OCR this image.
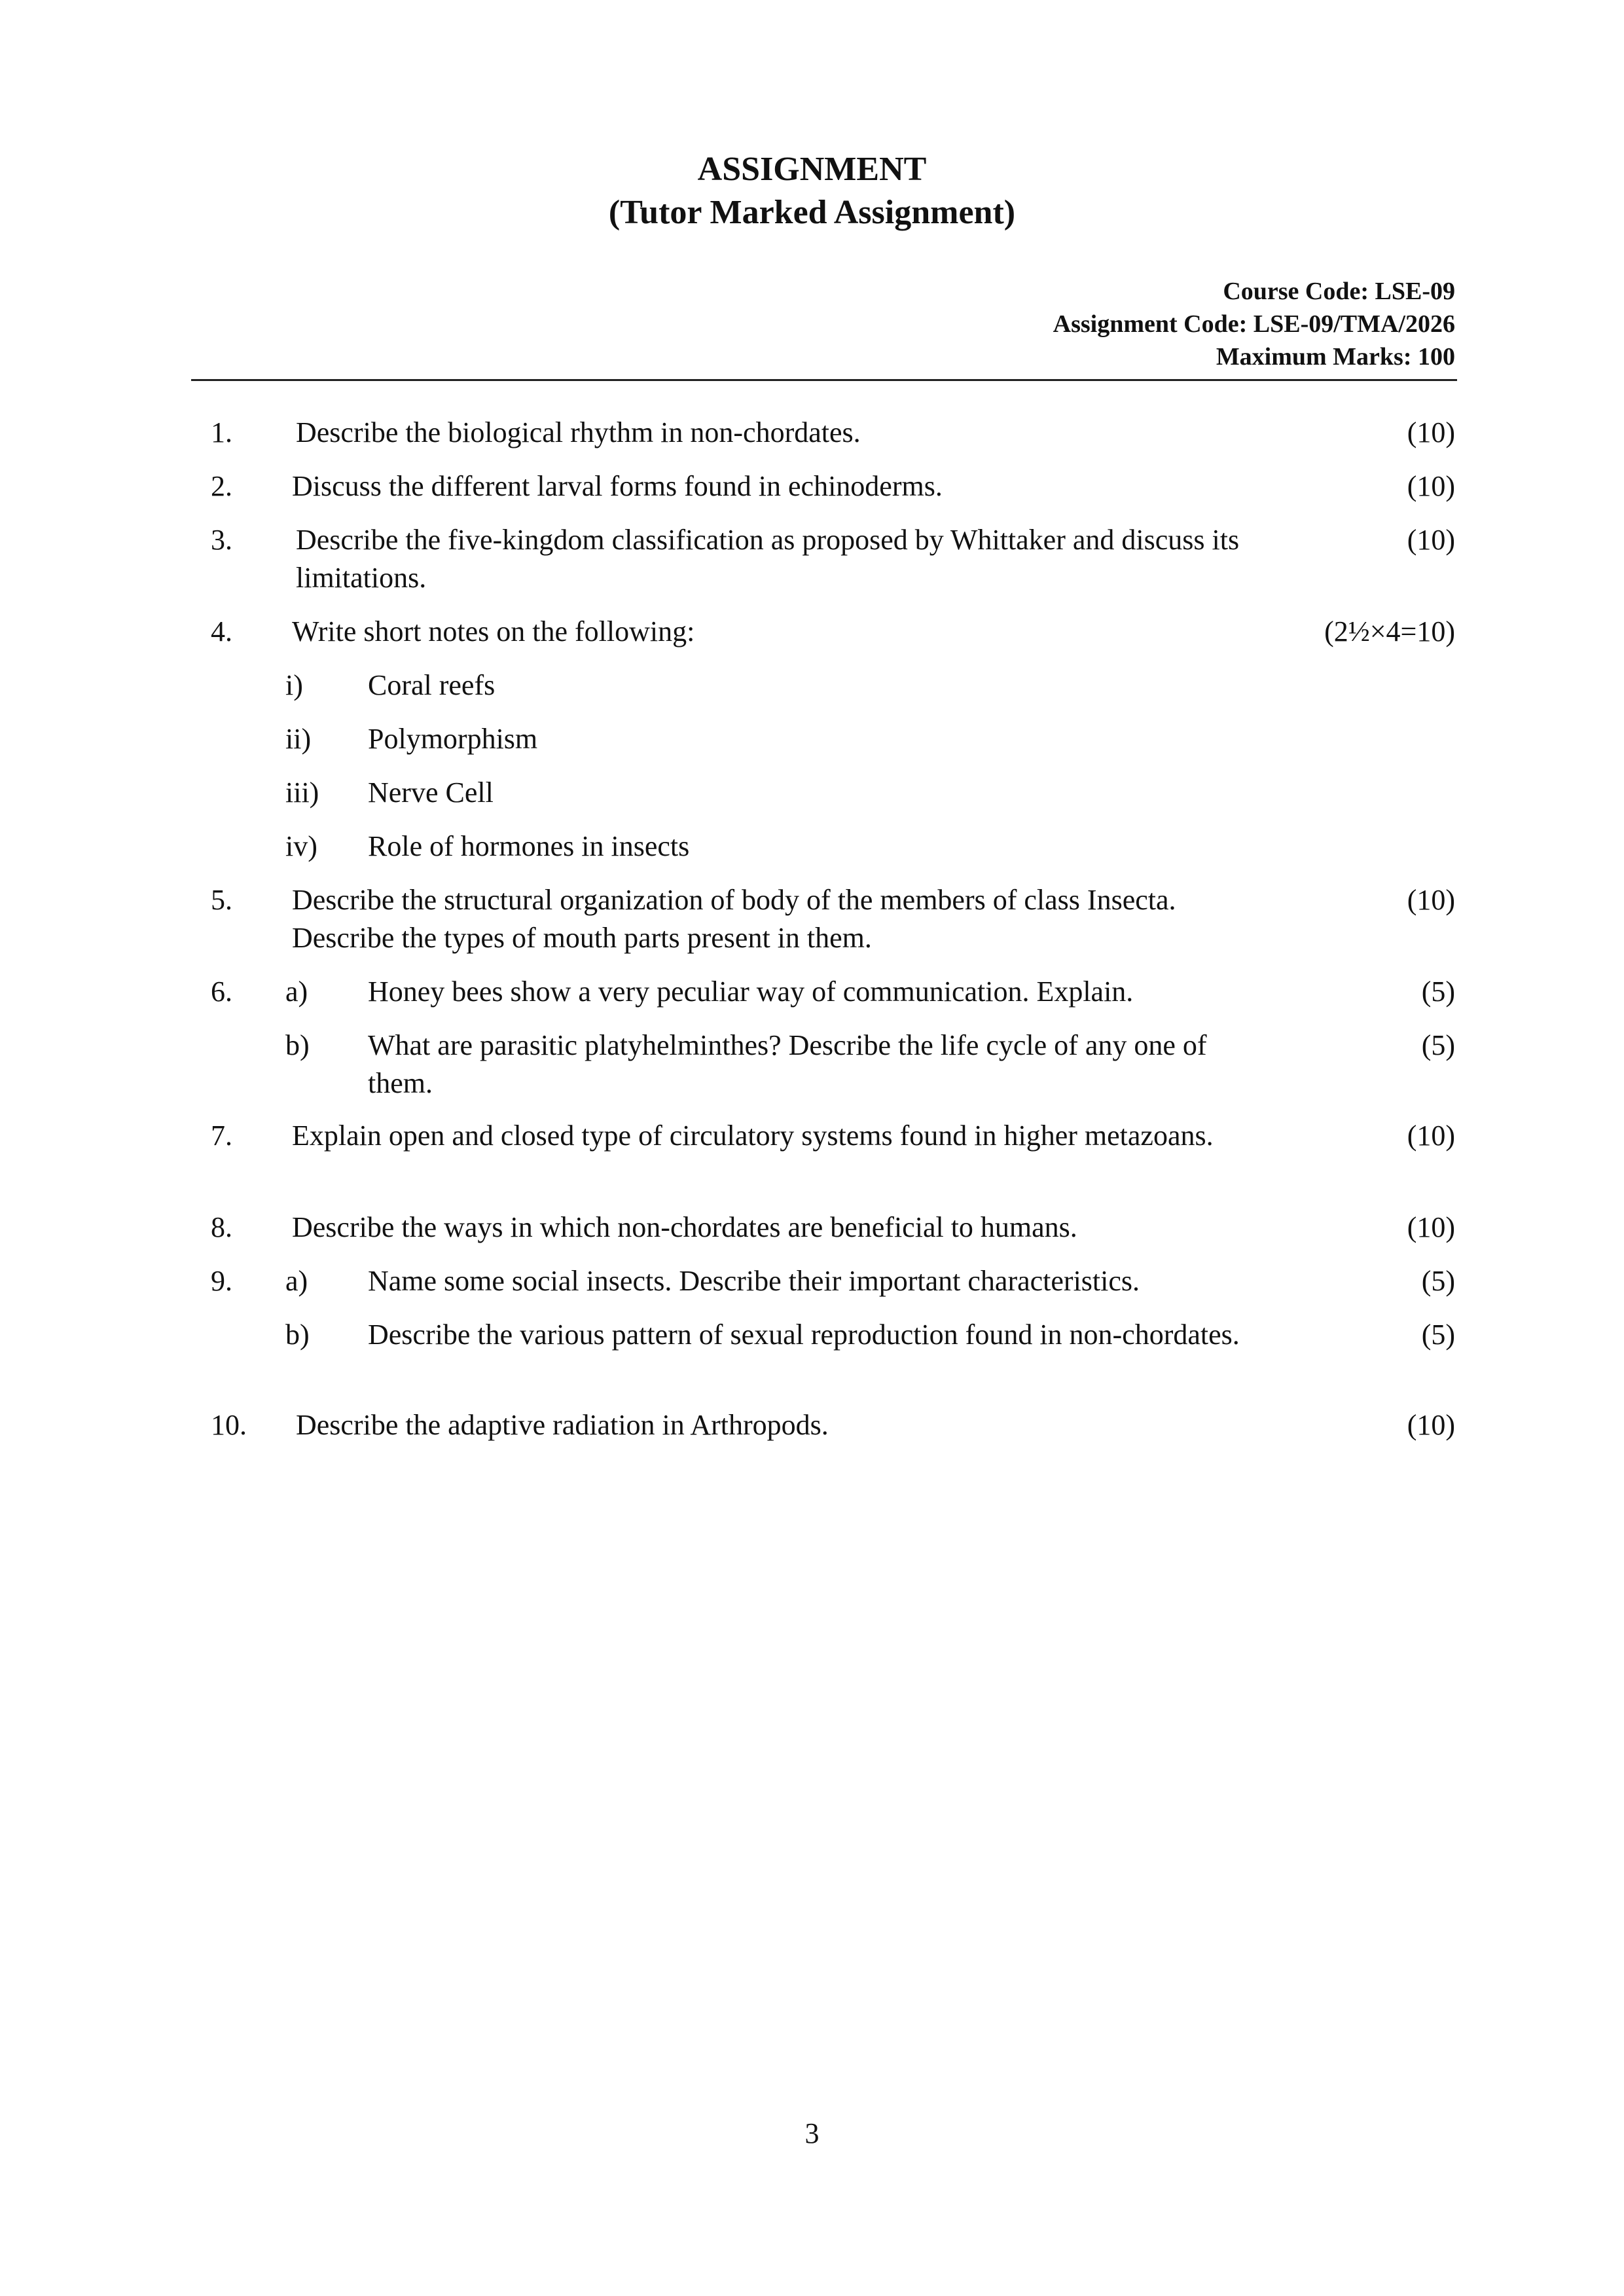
ASSIGNMENT
(Tutor Marked Assignment)
Course Code: LSE-09
Assignment Code: LSE-09/TMA/2026
Maximum Marks: 100
1. Describe the biological rhythm in non-chordates.	(10)
2. Discuss the different larval forms found in echinoderms.	(10)
3. Describe the five-kingdom classification as proposed by Whittaker and discuss its limitations.
(10)
4. Write short notes on the following:	(2½×4=10)
i) Coral reefs
ii) Polymorphism
iii) Nerve Cell
iv) Role of hormones in insects
5. Describe the structural organization of body of the members of class Insecta. Describe the types of mouth parts present in them.
(10)
6. a) Honey bees show a very peculiar way of communication. Explain.	(5)
b) What are parasitic platyhelminthes? Describe the life cycle of any one of them.
(5)
7. Explain open and closed type of circulatory systems found in higher metazoans.	(10)
8. Describe the ways in which non-chordates are beneficial to humans.	(10)
9. a) Name some social insects. Describe their important characteristics.	(5)
b) Describe the various pattern of sexual reproduction found in non-chordates.	(5)
10. Describe the adaptive radiation in Arthropods.	(10)
3
